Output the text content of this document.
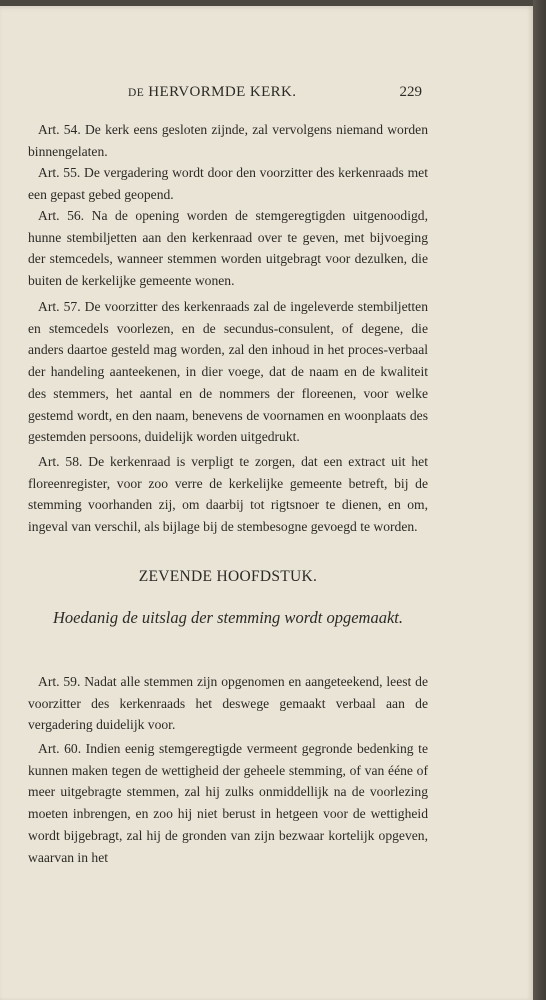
DE HERVORMDE KERK.	229

Art. 54. De kerk eens gesloten zijnde, zal vervolgens niemand worden binnengelaten.

Art. 55. De vergadering wordt door den voorzitter des kerkenraads met een gepast gebed geopend.

Art. 56. Na de opening worden de stemgeregtigden uitgenoodigd, hunne stembiljetten aan den kerkenraad over te geven, met bijvoeging der stemcedels, wanneer stemmen worden uitgebragt voor dezulken, die buiten de kerkelijke gemeente wonen.

Art. 57. De voorzitter des kerkenraads zal de ingeleverde stembiljetten en stemcedels voorlezen, en de secundus-consulent, of degene, die anders daartoe gesteld mag worden, zal den inhoud in het proces-verbaal der handeling aanteekenen, in dier voege, dat de naam en de kwaliteit des stemmers, het aantal en de nommers der floreenen, voor welke gestemd wordt, en den naam, benevens de voornamen en woonplaats des gestemden persoons, duidelijk worden uitgedrukt.

Art. 58. De kerkenraad is verpligt te zorgen, dat een extract uit het floreenregister, voor zoo verre de kerkelijke gemeente betreft, bij de stemming voorhanden zij, om daarbij tot rigtsnoer te dienen, en om, ingeval van verschil, als bijlage bij de stembesogne gevoegd te worden.

ZEVENDE HOOFDSTUK.
Hoedanig de uitslag der stemming wordt opgemaakt.

Art. 59. Nadat alle stemmen zijn opgenomen en aangeteekend, leest de voorzitter des kerkenraads het deswege gemaakt verbaal aan de vergadering duidelijk voor.

Art. 60. Indien eenig stemgeregtigde vermeent gegronde bedenking te kunnen maken tegen de wettigheid der geheele stemming, of van ééne of meer uitgebragte stemmen, zal hij zulks onmiddellijk na de voorlezing moeten inbrengen, en zoo hij niet berust in hetgeen voor de wettigheid wordt bijgebragt, zal hij de gronden van zijn bezwaar kortelijk opgeven, waarvan in het
